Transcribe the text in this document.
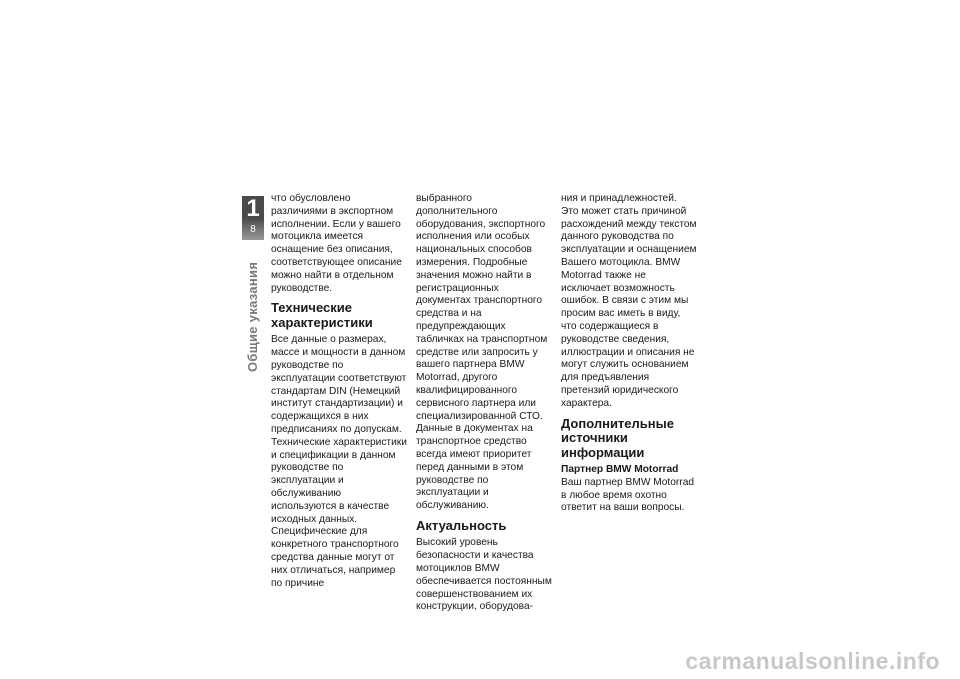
1
8
Общие указания

что обусловлено различиями в экспортном исполнении. Если у вашего мотоцикла имеется оснащение без описания, соответствующее описание можно найти в отдельном руководстве.

Технические характеристики

Все данные о размерах, массе и мощности в данном руководстве по эксплуатации соответствуют стандартам DIN (Немецкий институт стандартизации) и содержащихся в них предписаниях по допускам. Технические характеристики и спецификации в данном руководстве по эксплуатации и обслуживанию используются в качестве исходных данных. Специфические для конкретного транспортного средства данные могут от них отличаться, например по причине

выбранного дополнительного оборудования, экспортного исполнения или особых национальных способов измерения. Подробные значения можно найти в регистрационных документах транспортного средства и на предупреждающих табличках на транспортном средстве или запросить у вашего партнера BMW Motorrad, другого квалифицированного сервисного партнера или специализированной СТО. Данные в документах на транспортное средство всегда имеют приоритет перед данными в этом руководстве по эксплуатации и обслуживанию.

Актуальность

Высокий уровень безопасности и качества мотоциклов BMW обеспечивается постоянным совершенствованием их конструкции, оборудова-

ния и принадлежностей. Это может стать причиной расхождений между текстом данного руководства по эксплуатации и оснащением Вашего мотоцикла. BMW Motorrad также не исключает возможность ошибок. В связи с этим мы просим вас иметь в виду, что содержащиеся в руководстве сведения, иллюстрации и описания не могут служить основанием для предъявления претензий юридического характера.

Дополнительные источники информации
Партнер BMW Motorrad

Ваш партнер BMW Motorrad в любое время охотно ответит на ваши вопросы.

carmanualsonline.info
